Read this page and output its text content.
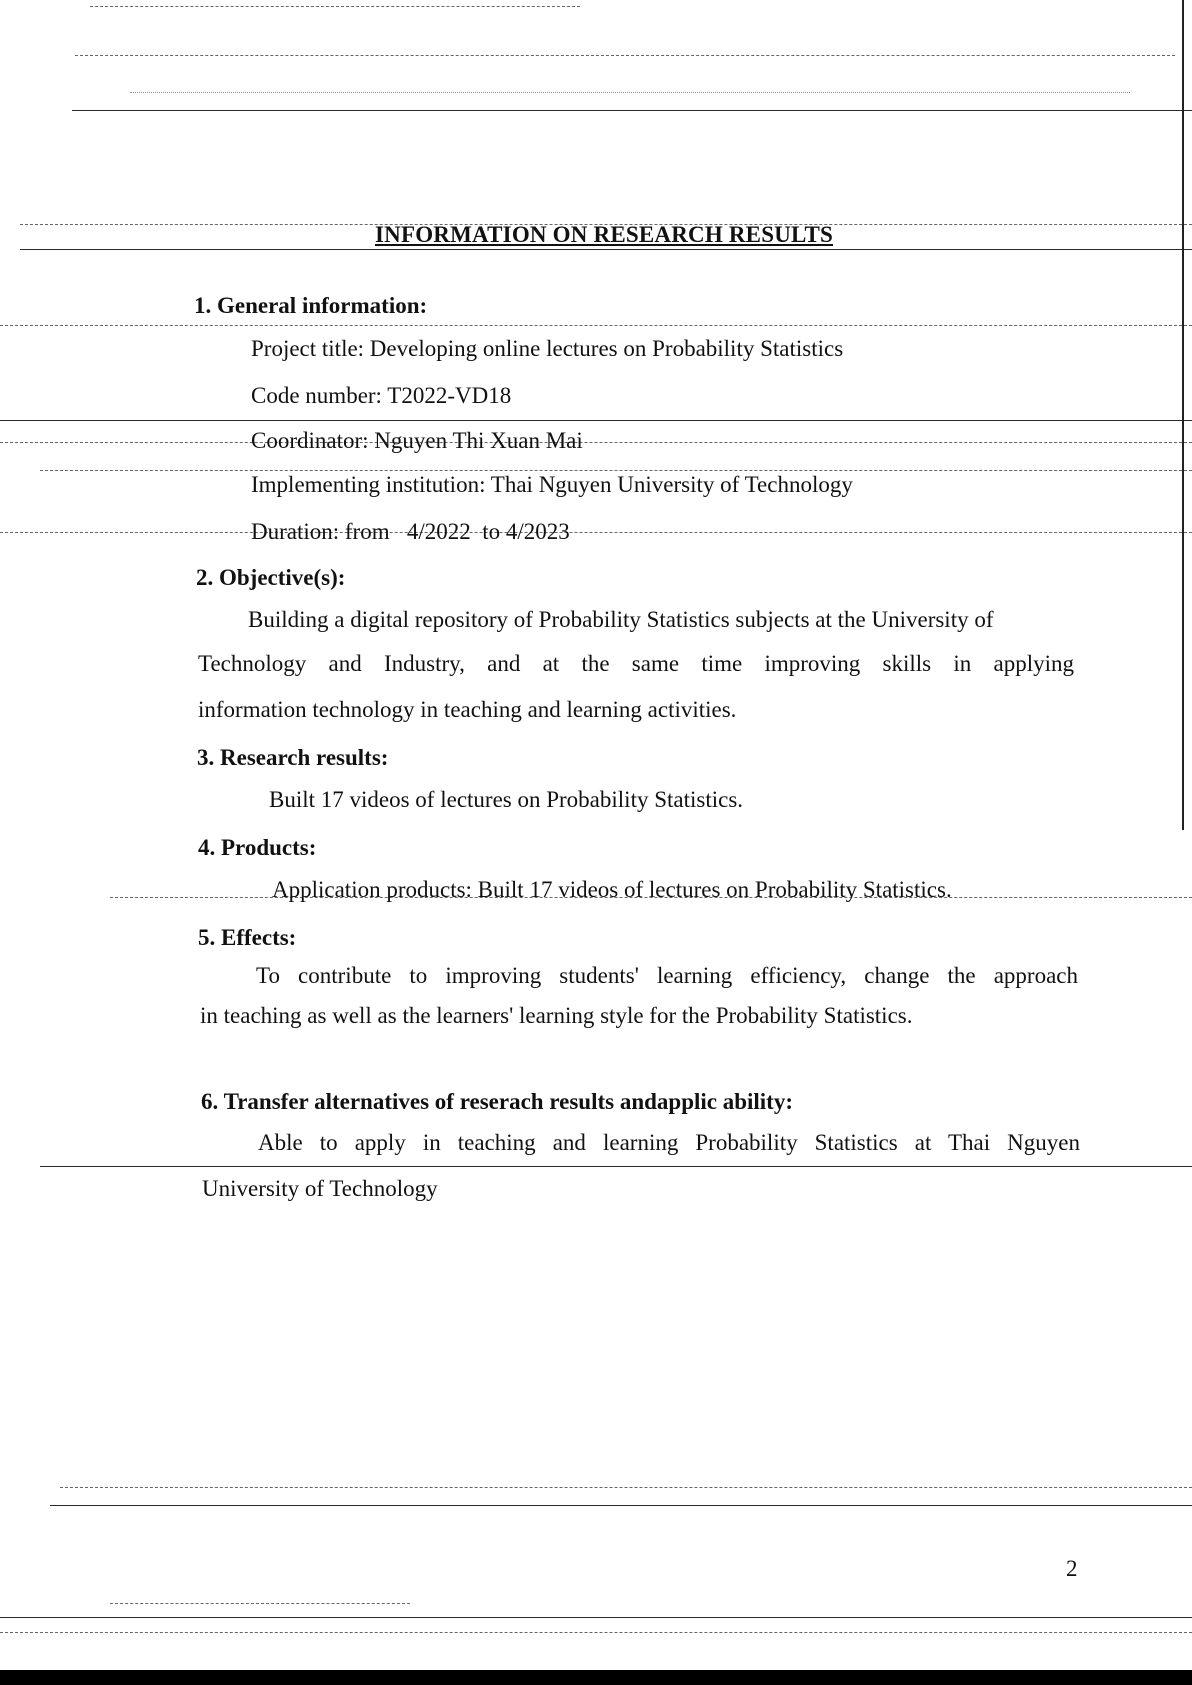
INFORMATION ON RESEARCH RESULTS
1. General information:
Project title: Developing online lectures on Probability Statistics
Code number: T2022-VD18
Coordinator: Nguyen Thi Xuan Mai
Implementing institution: Thai Nguyen University of Technology
Duration: from   4/2022  to 4/2023
2. Objective(s):
Building a digital repository of Probability Statistics subjects at the University of
Technology and Industry, and at the same time improving skills in applying
information technology in teaching and learning activities.
3. Research results:
Built 17 videos of lectures on Probability Statistics.
4. Products:
Application products: Built 17 videos of lectures on Probability Statistics.
5. Effects:
To contribute to improving students' learning efficiency, change the approach
in teaching as well as the learners' learning style for the Probability Statistics.
6. Transfer alternatives of reserach results andapplic ability:
Able to apply in teaching and learning Probability Statistics at Thai Nguyen
University of Technology
2
